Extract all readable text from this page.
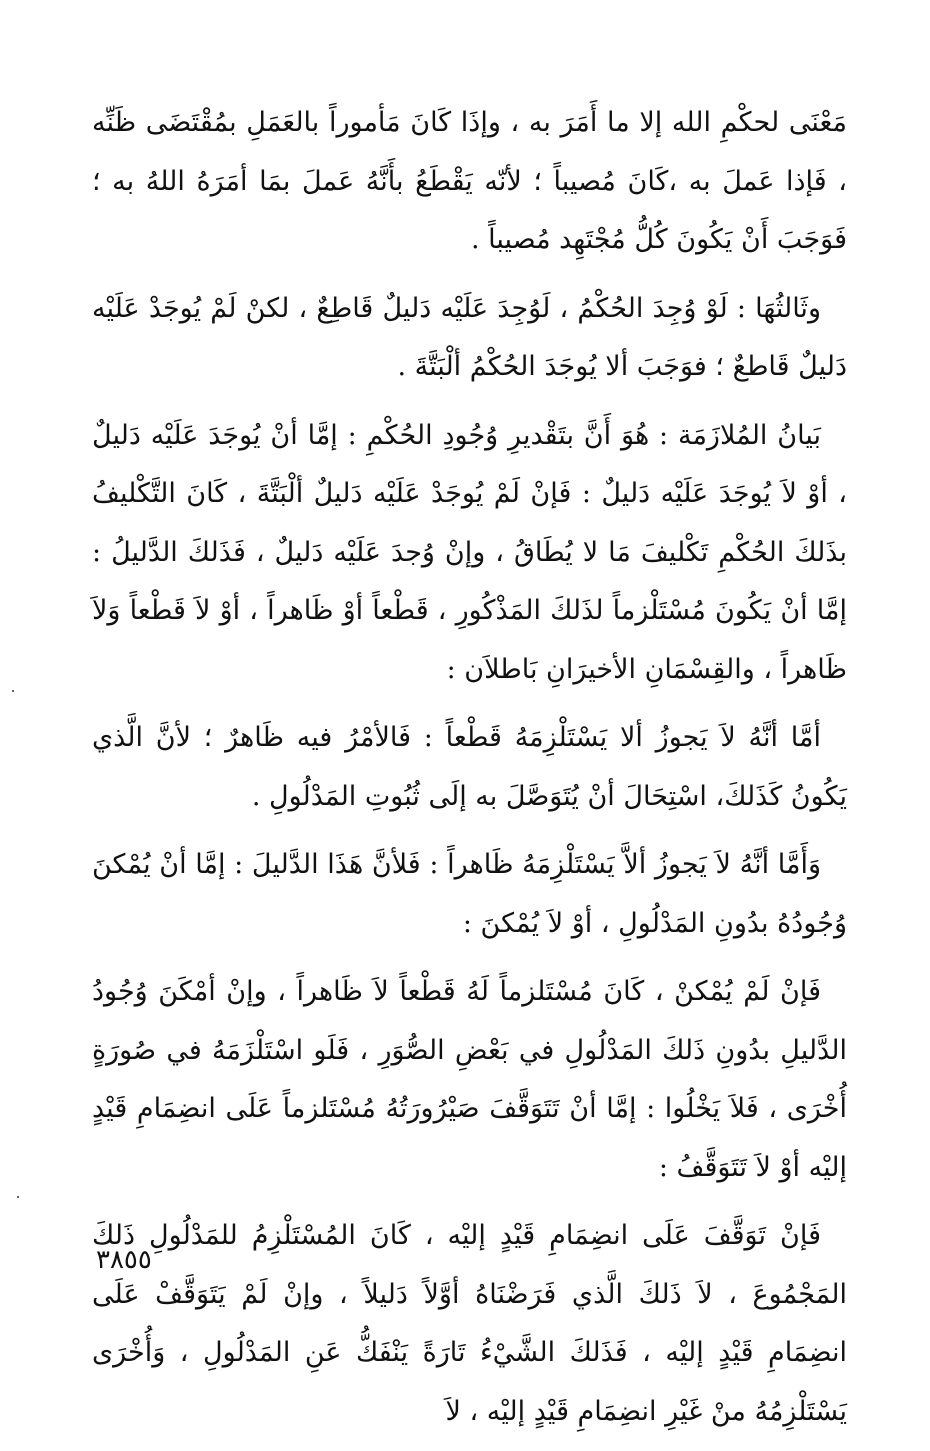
مَعْنَى لحكْمِ الله إلا ما أَمَرَ به ، وإذَا كَانَ مَأموراً بالعَمَلِ بمُقْتَضَى ظَنِّه ، فَإذا عَملَ به ،كَانَ مُصيباً ؛ لأنّه يَقْطَعُ بأَنَّهُ عَملَ بمَا أمَرَهُ اللهُ به ؛ فَوَجَبَ أَنْ يَكُونَ كُلُّ مُجْتَهِد مُصيباً .

وثَالثُهَا : لَوْ وُجِدَ الحُكْمُ ، لَوُجِدَ عَلَيْه دَليلٌ قَاطِعٌ ، لكنْ لَمْ يُوجَدْ عَلَيْه دَليلٌ قَاطعٌ ؛ فوَجَبَ ألا يُوجَدَ الحُكْمُ ألْبَتَّةَ .

بَيانُ المُلازَمَة : هُوَ أَنَّ بتَقْديرِ وُجُودِ الحُكْمِ : إمَّا أنْ يُوجَدَ عَلَيْه دَليلٌ ، أوْ لاَ يُوجَدَ عَلَيْه دَليلٌ : فَإنْ لَمْ يُوجَدْ عَلَيْه دَليلٌ ألْبَتَّةَ ، كَانَ التَّكْليفُ بذَلكَ الحُكْمِ تَكْليفَ مَا لا يُطَاقُ ، وإنْ وُجدَ عَلَيْه دَليلٌ ، فَذَلكَ الدَّليلُ : إمَّا أنْ يَكُونَ مُسْتَلْزماً لذَلكَ المَذْكُورِ ، قَطْعاً أوْ ظَاهراً ، أوْ لاَ قَطْعاً وَلاَ ظَاهراً ، والقِسْمَانِ الأخيرَانِ بَاطلاَن :

أمَّا أنَّهُ لاَ يَجوزُ ألا يَسْتَلْزِمَهُ قَطْعاً : فَالأمْرُ فيه ظَاهرٌ ؛ لأنَّ الَّذي يَكُونُ كَذَلكَ، اسْتِحَالَ أنْ يُتَوَصَّلَ به إلَى ثُبُوتِ المَدْلُولِ .

وَأَمَّا أنَّهُ لاَ يَجوزُ ألاَّ يَسْتَلْزِمَهُ ظَاهراً : فَلأنَّ هَذَا الدَّليلَ : إمَّا أنْ يُمْكنَ وُجُودُهُ بدُونِ المَدْلُولِ ، أوْ لاَ يُمْكنَ :

فَإنْ لَمْ يُمْكنْ ، كَانَ مُسْتَلزماً لَهُ قَطْعاً لاَ ظَاهراً ، وإنْ أمْكَنَ وُجُودُ الدَّليلِ بدُونِ ذَلكَ المَدْلُولِ في بَعْضِ الصُّوَرِ ، فَلَو اسْتَلْزَمَهُ في صُورَةٍ أُخْرَى ، فَلاَ يَخْلُوا : إمَّا أنْ تَتَوَقَّفَ صَيْرُورَتُهُ مُسْتَلزماً عَلَى انضِمَامِ قَيْدٍ إليْه أوْ لاَ تَتَوَقَّفُ :

فَإنْ تَوَقَّفَ عَلَى انضِمَامِ قَيْدٍ إليْه ، كَانَ المُسْتَلْزِمُ للمَدْلُولِ ذَلكَ المَجْمُوعَ ، لاَ ذَلكَ الَّذي فَرَضْنَاهُ أوَّلاً دَليلاً ، وإنْ لَمْ يَتَوَقَّفْ عَلَى انضِمَامِ قَيْدٍ إليْه ، فَذَلكَ الشَّيْءُ تَارَةً يَنْفَكُّ عَنِ المَدْلُولِ ، وَأُخْرَى يَسْتَلْزِمُهُ منْ غَيْرِ انضِمَامِ قَيْدٍ إليْه ، لاَ

٣٨٥٥
